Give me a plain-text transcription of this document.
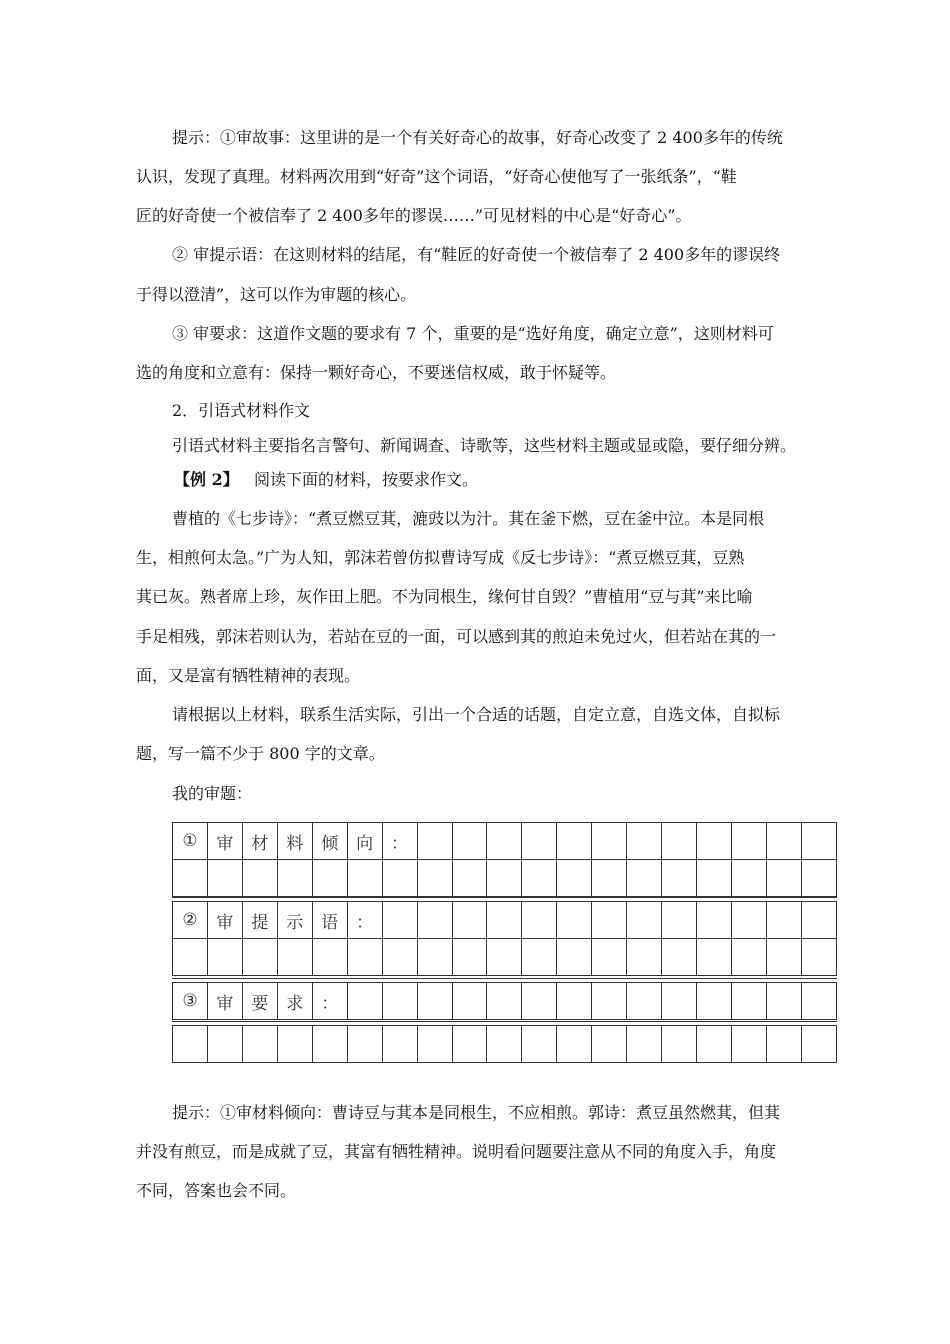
提示：①审故事：这里讲的是一个有关好奇心的故事，好奇心改变了 2 400多年的传统
认识，发现了真理。材料两次用到“好奇”这个词语，“好奇心使他写了一张纸条”，“鞋
匠的好奇使一个被信奉了 2 400多年的谬误……”可见材料的中心是“好奇心”。
② 审提示语：在这则材料的结尾，有“鞋匠的好奇使一个被信奉了 2 400多年的谬误终
于得以澄清”，这可以作为审题的核心。
③ 审要求：这道作文题的要求有 7 个，重要的是“选好角度，确定立意”，这则材料可
选的角度和立意有：保持一颗好奇心，不要迷信权威，敢于怀疑等。
2．引语式材料作文
引语式材料主要指名言警句、新闻调查、诗歌等，这些材料主题或显或隐，要仔细分辨。
【例 2】 阅读下面的材料，按要求作文。
曹植的《七步诗》：“煮豆燃豆萁，漉豉以为汁。萁在釜下燃，豆在釜中泣。本是同根
生，相煎何太急。”广为人知，郭沫若曾仿拟曹诗写成《反七步诗》：“煮豆燃豆萁，豆熟
萁已灰。熟者席上珍，灰作田上肥。不为同根生，缘何甘自毁？”曹植用“豆与萁”来比喻
手足相残，郭沫若则认为，若站在豆的一面，可以感到萁的煎迫未免过火，但若站在萁的一
面，又是富有牺牲精神的表现。
请根据以上材料，联系生活实际，引出一个合适的话题，自定立意，自选文体，自拟标
题，写一篇不少于 800 字的文章。
我的审题：
①	审	材	料	倾	向	：												

②	审	提	示	语	：													

③	审	要	求	：														

提示：①审材料倾向：曹诗豆与萁本是同根生，不应相煎。郭诗：煮豆虽然燃萁，但萁
并没有煎豆，而是成就了豆，萁富有牺牲精神。说明看问题要注意从不同的角度入手，角度
不同，答案也会不同。
